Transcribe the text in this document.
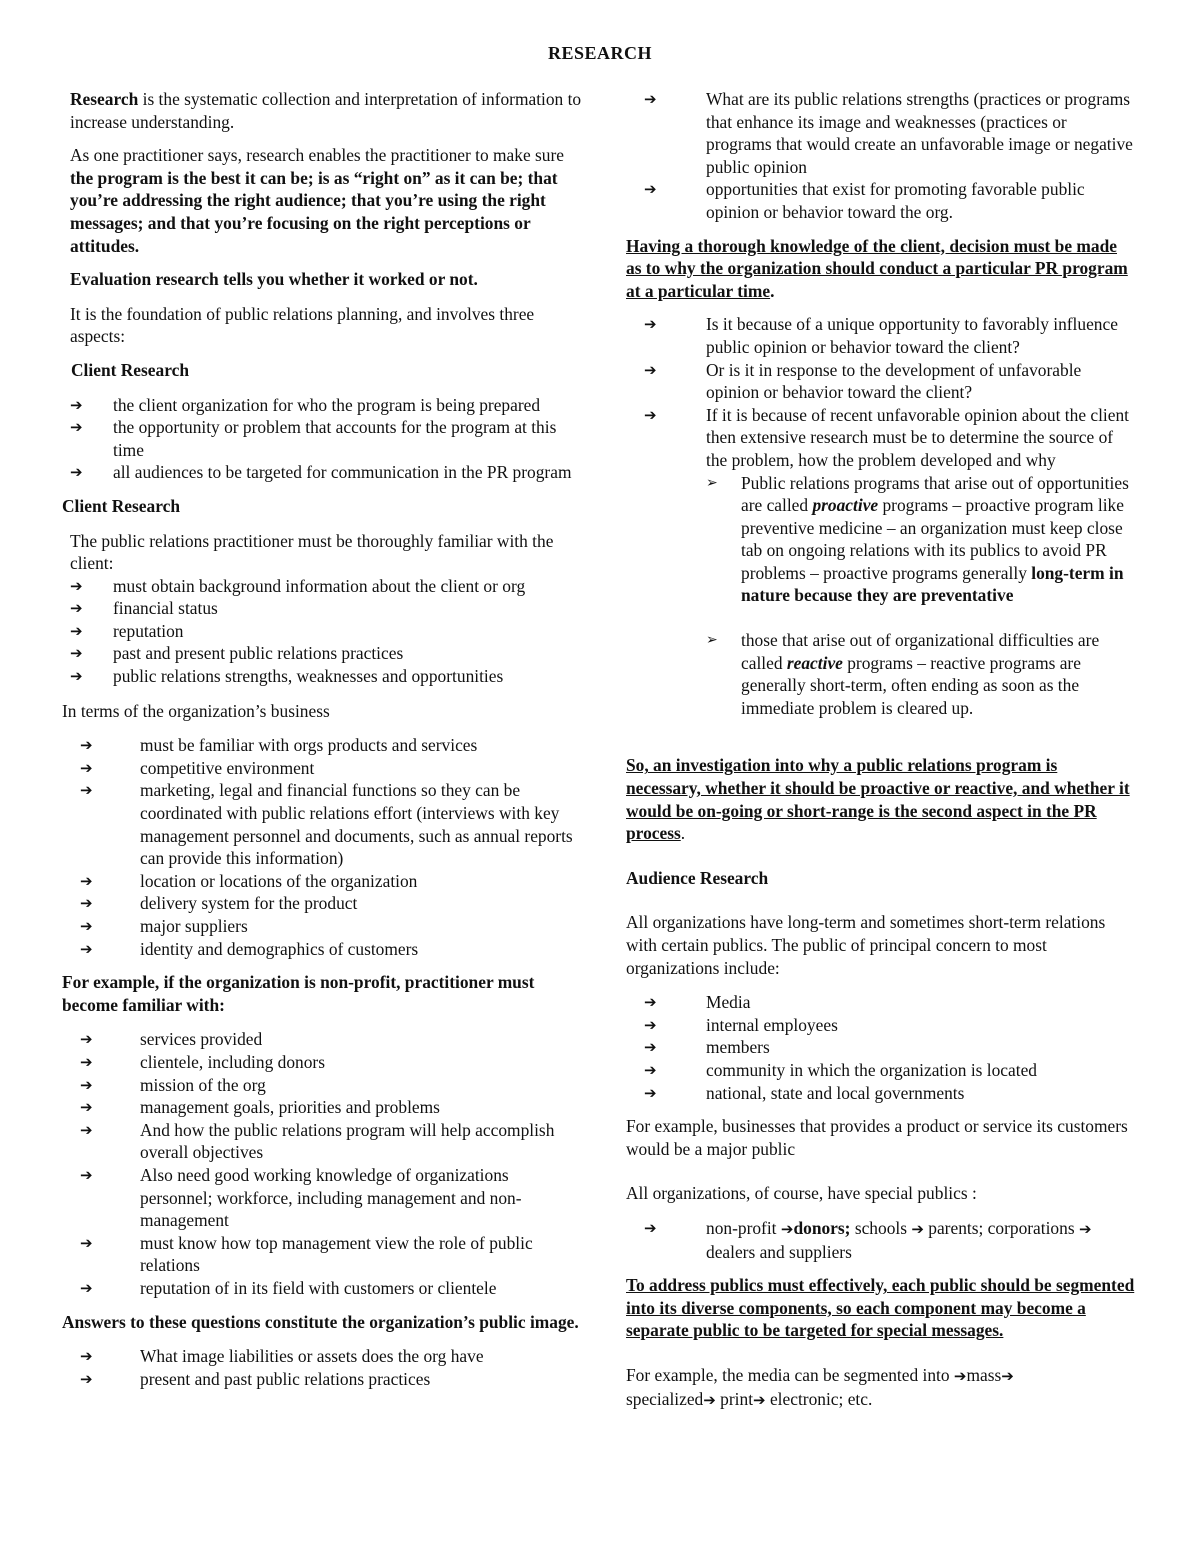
RESEARCH

Research is the systematic collection and interpretation of information to increase understanding.

As one practitioner says, research enables the practitioner to make sure the program is the best it can be; is as “right on” as it can be; that you’re addressing the right audience; that you’re using the right messages; and that you’re focusing on the right perceptions or attitudes.

Evaluation research tells you whether it worked or not.

It is the foundation of public relations planning, and involves three aspects:

Client Research

➔ the client organization for who the program is being prepared
➔ the opportunity or problem that accounts for the program at this time
➔ all audiences to be targeted for communication in the PR program

Client Research

The public relations practitioner must be thoroughly familiar with the client:

➔ must obtain background information about the client or org
➔ financial status
➔ reputation
➔ past and present public relations practices
➔ public relations strengths, weaknesses and opportunities

In terms of the organization’s business

➔	must be familiar with orgs products and services
➔	competitive environment
➔	marketing, legal and financial functions so they can be coordinated with public relations effort (interviews with key management personnel and documents, such as annual reports can provide this information)
➔	location or locations of the organization
➔	delivery system for the product
➔	major suppliers
➔	identity and demographics of customers

For example, if the organization is non-profit, practitioner must become familiar with:

➔	services provided
➔	clientele, including donors
➔	mission of the org
➔	management goals, priorities and problems
➔	And how the public relations program will help accomplish overall objectives
➔	Also need good working knowledge of organizations personnel; workforce, including management and non-management
➔	must know how top management view the role of public relations
➔	reputation of in its field with customers or clientele

Answers to these questions constitute the organization’s public image.

➔	What image liabilities or assets does the org have
➔	present and past public relations practices
➔	What are its public relations strengths (practices or programs that enhance its image and weaknesses (practices or programs that would create an unfavorable image or negative public opinion
➔	opportunities that exist for promoting favorable public opinion or behavior toward the org.

Having a thorough knowledge of the client, decision must be made as to why the organization should conduct a particular PR program at a particular time.

➔	Is it because of a unique opportunity to favorably influence public opinion or behavior toward the client?
➔	Or is it in response to the development of unfavorable opinion or behavior toward the client?
➔	If it is because of recent unfavorable opinion about the client then extensive research must be to determine the source of the problem, how the problem developed and why
➢ Public relations programs that arise out of opportunities are called proactive programs – proactive program like preventive medicine – an organization must keep close tab on ongoing relations with its publics to avoid PR problems – proactive programs generally long-term in nature because they are preventative
➢ those that arise out of organizational difficulties are called reactive programs – reactive programs are generally short-term, often ending as soon as the immediate problem is cleared up.

So, an investigation into why a public relations program is necessary, whether it should be proactive or reactive, and whether it would be on-going or short-range is the second aspect in the PR process.

Audience Research

All organizations have long-term and sometimes short-term relations with certain publics. The public of principal concern to most organizations include:

➔	Media
➔	internal employees
➔	members
➔	community in which the organization is located
➔	national, state and local governments

For example, businesses that provides a product or service its customers would be a major public

All organizations, of course, have special publics :

➔	non-profit ➔donors; schools ➔ parents; corporations ➔ dealers and suppliers

To address publics must effectively, each public should be segmented into its diverse components, so each component may become a separate public to be targeted for special messages.

For example, the media can be segmented into ➔mass➔
specialized➔ print➔ electronic; etc.
